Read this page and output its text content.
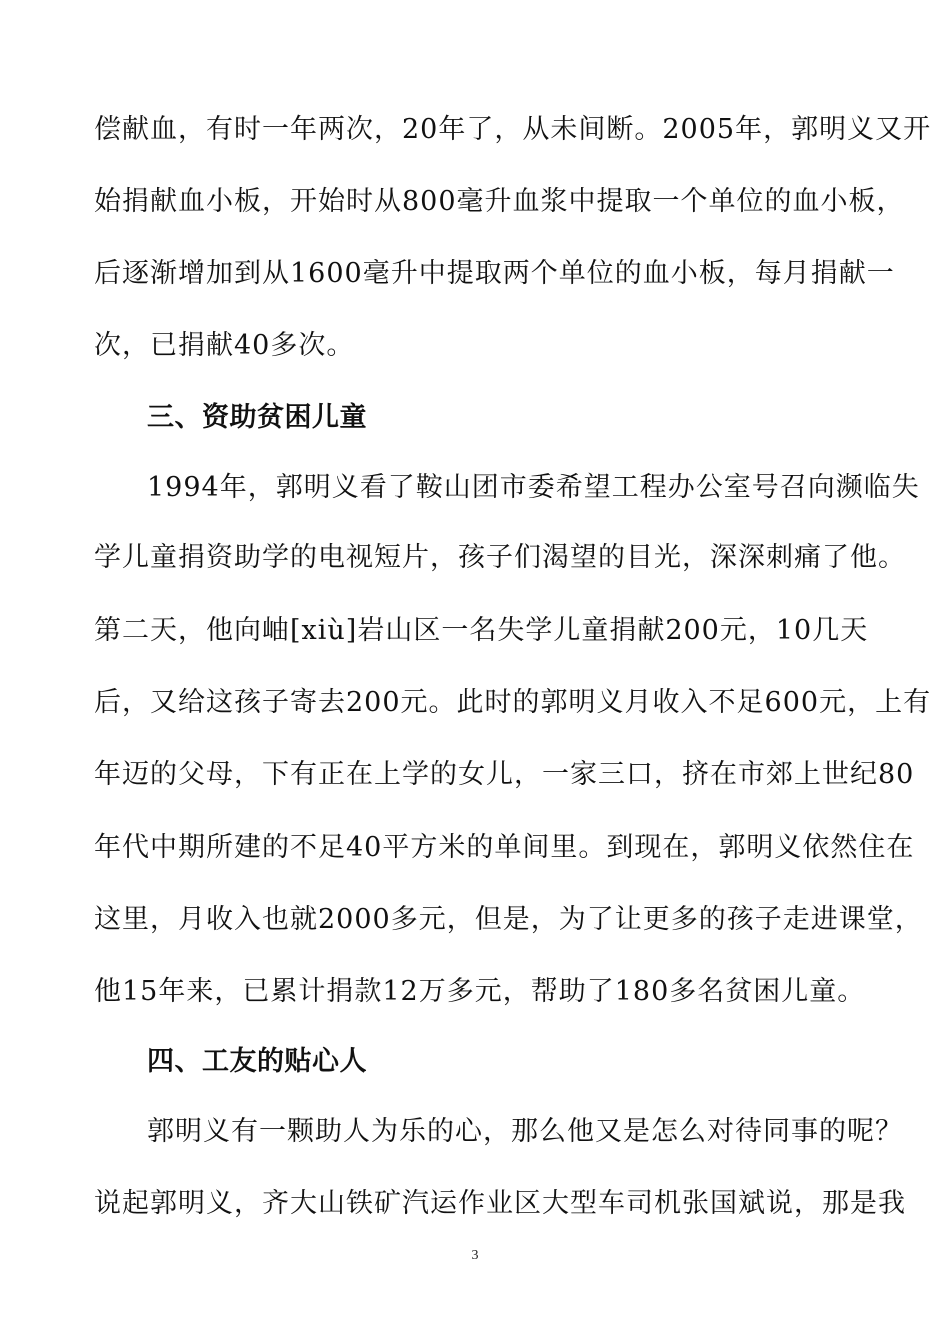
偿献血，有时一年两次，20年了，从未间断。2005年，郭明义又开
始捐献血小板，开始时从800毫升血浆中提取一个单位的血小板，
后逐渐增加到从1600毫升中提取两个单位的血小板，每月捐献一
次，已捐献40多次。
三、资助贫困儿童
1994年，郭明义看了鞍山团市委希望工程办公室号召向濒临失
学儿童捐资助学的电视短片，孩子们渴望的目光，深深刺痛了他。
第二天，他向岫[xiù]岩山区一名失学儿童捐献200元，10几天
后，又给这孩子寄去200元。此时的郭明义月收入不足600元，上有
年迈的父母，下有正在上学的女儿，一家三口，挤在市郊上世纪80
年代中期所建的不足40平方米的单间里。到现在，郭明义依然住在
这里，月收入也就2000多元，但是，为了让更多的孩子走进课堂，
他15年来，已累计捐款12万多元，帮助了180多名贫困儿童。
四、工友的贴心人
郭明义有一颗助人为乐的心，那么他又是怎么对待同事的呢？
说起郭明义，齐大山铁矿汽运作业区大型车司机张国斌说，那是我
3
